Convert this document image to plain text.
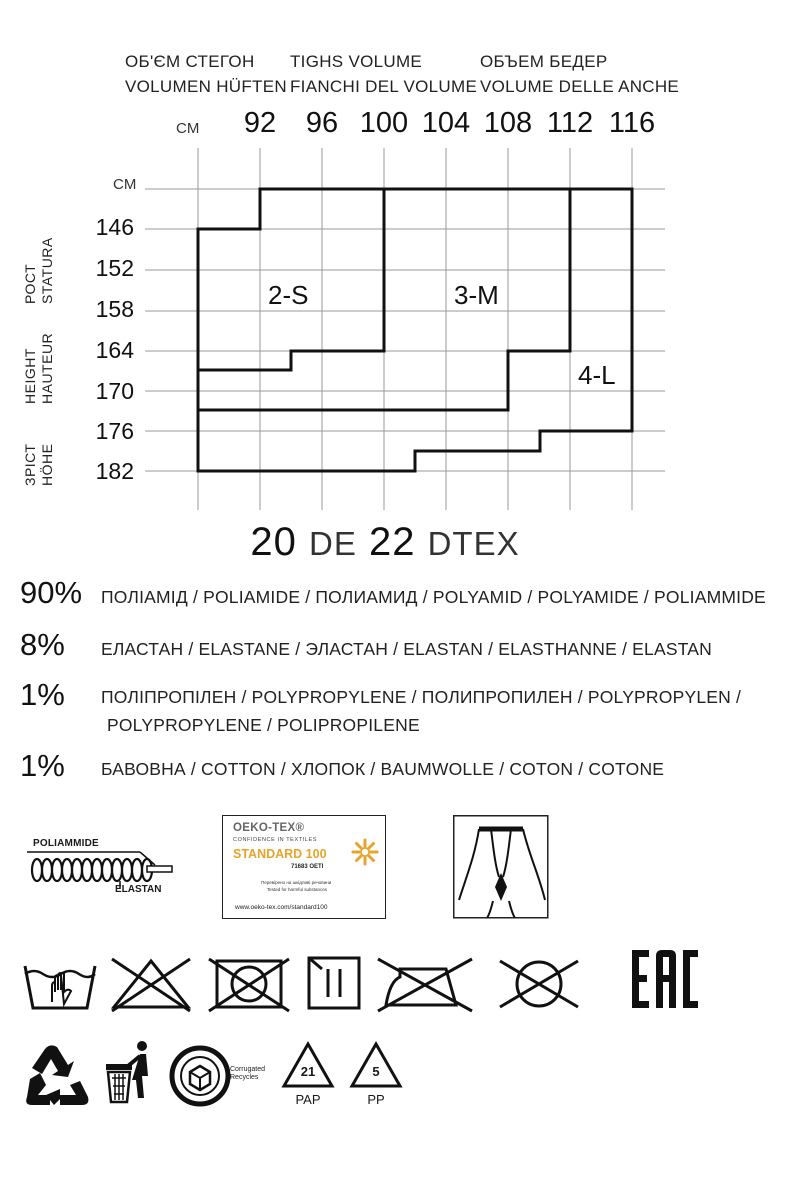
ОБ'ЄМ СТЕГОН TIGHS VOLUME	ОБЪЕМ БЕДЕР
VOLUMEN HÜFTEN FIANCHI DEL VOLUME VOLUME DELLE ANCHE
CM	92	96 100 104 108 112 116
CM
146
152
158
164
170
176
182
РОСТ STATURA
HEIGHT HAUTEUR
ЗРІСТ HÖHE
2-S	3-M
4-L
20 DE 22 DTEX
90%	ПОЛІАМІД / POLIAMIDE / ПОЛИАМИД / POLYAMID / POLYAMIDE / POLIAMMIDE
8%	ЕЛАСТАН / ELASTANE / ЭЛАСТАН / ELASTAN / ELASTHANNE / ELASTAN
1%	ПОЛІПРОПІЛЕН / POLYPROPYLENE / ПОЛИПРОПИЛЕН / POLYPROPYLEN /
POLYPROPYLENE / POLIPROPILENE
1%	БАВОВНА / COTTON / ХЛОПОК / BAUMWOLLE / COTON / COTONE
POLIAMMIDE
ELASTAN
OEKO-TEX®
CONFIDENCE IN TEXTILES
STANDARD 100
71683 OETI
Перевірено на шкідливі речовини
Tested for harmful substances
www.oeko-tex.com/standard100
Corrugated
Recycles	21
PAP
5
PP
